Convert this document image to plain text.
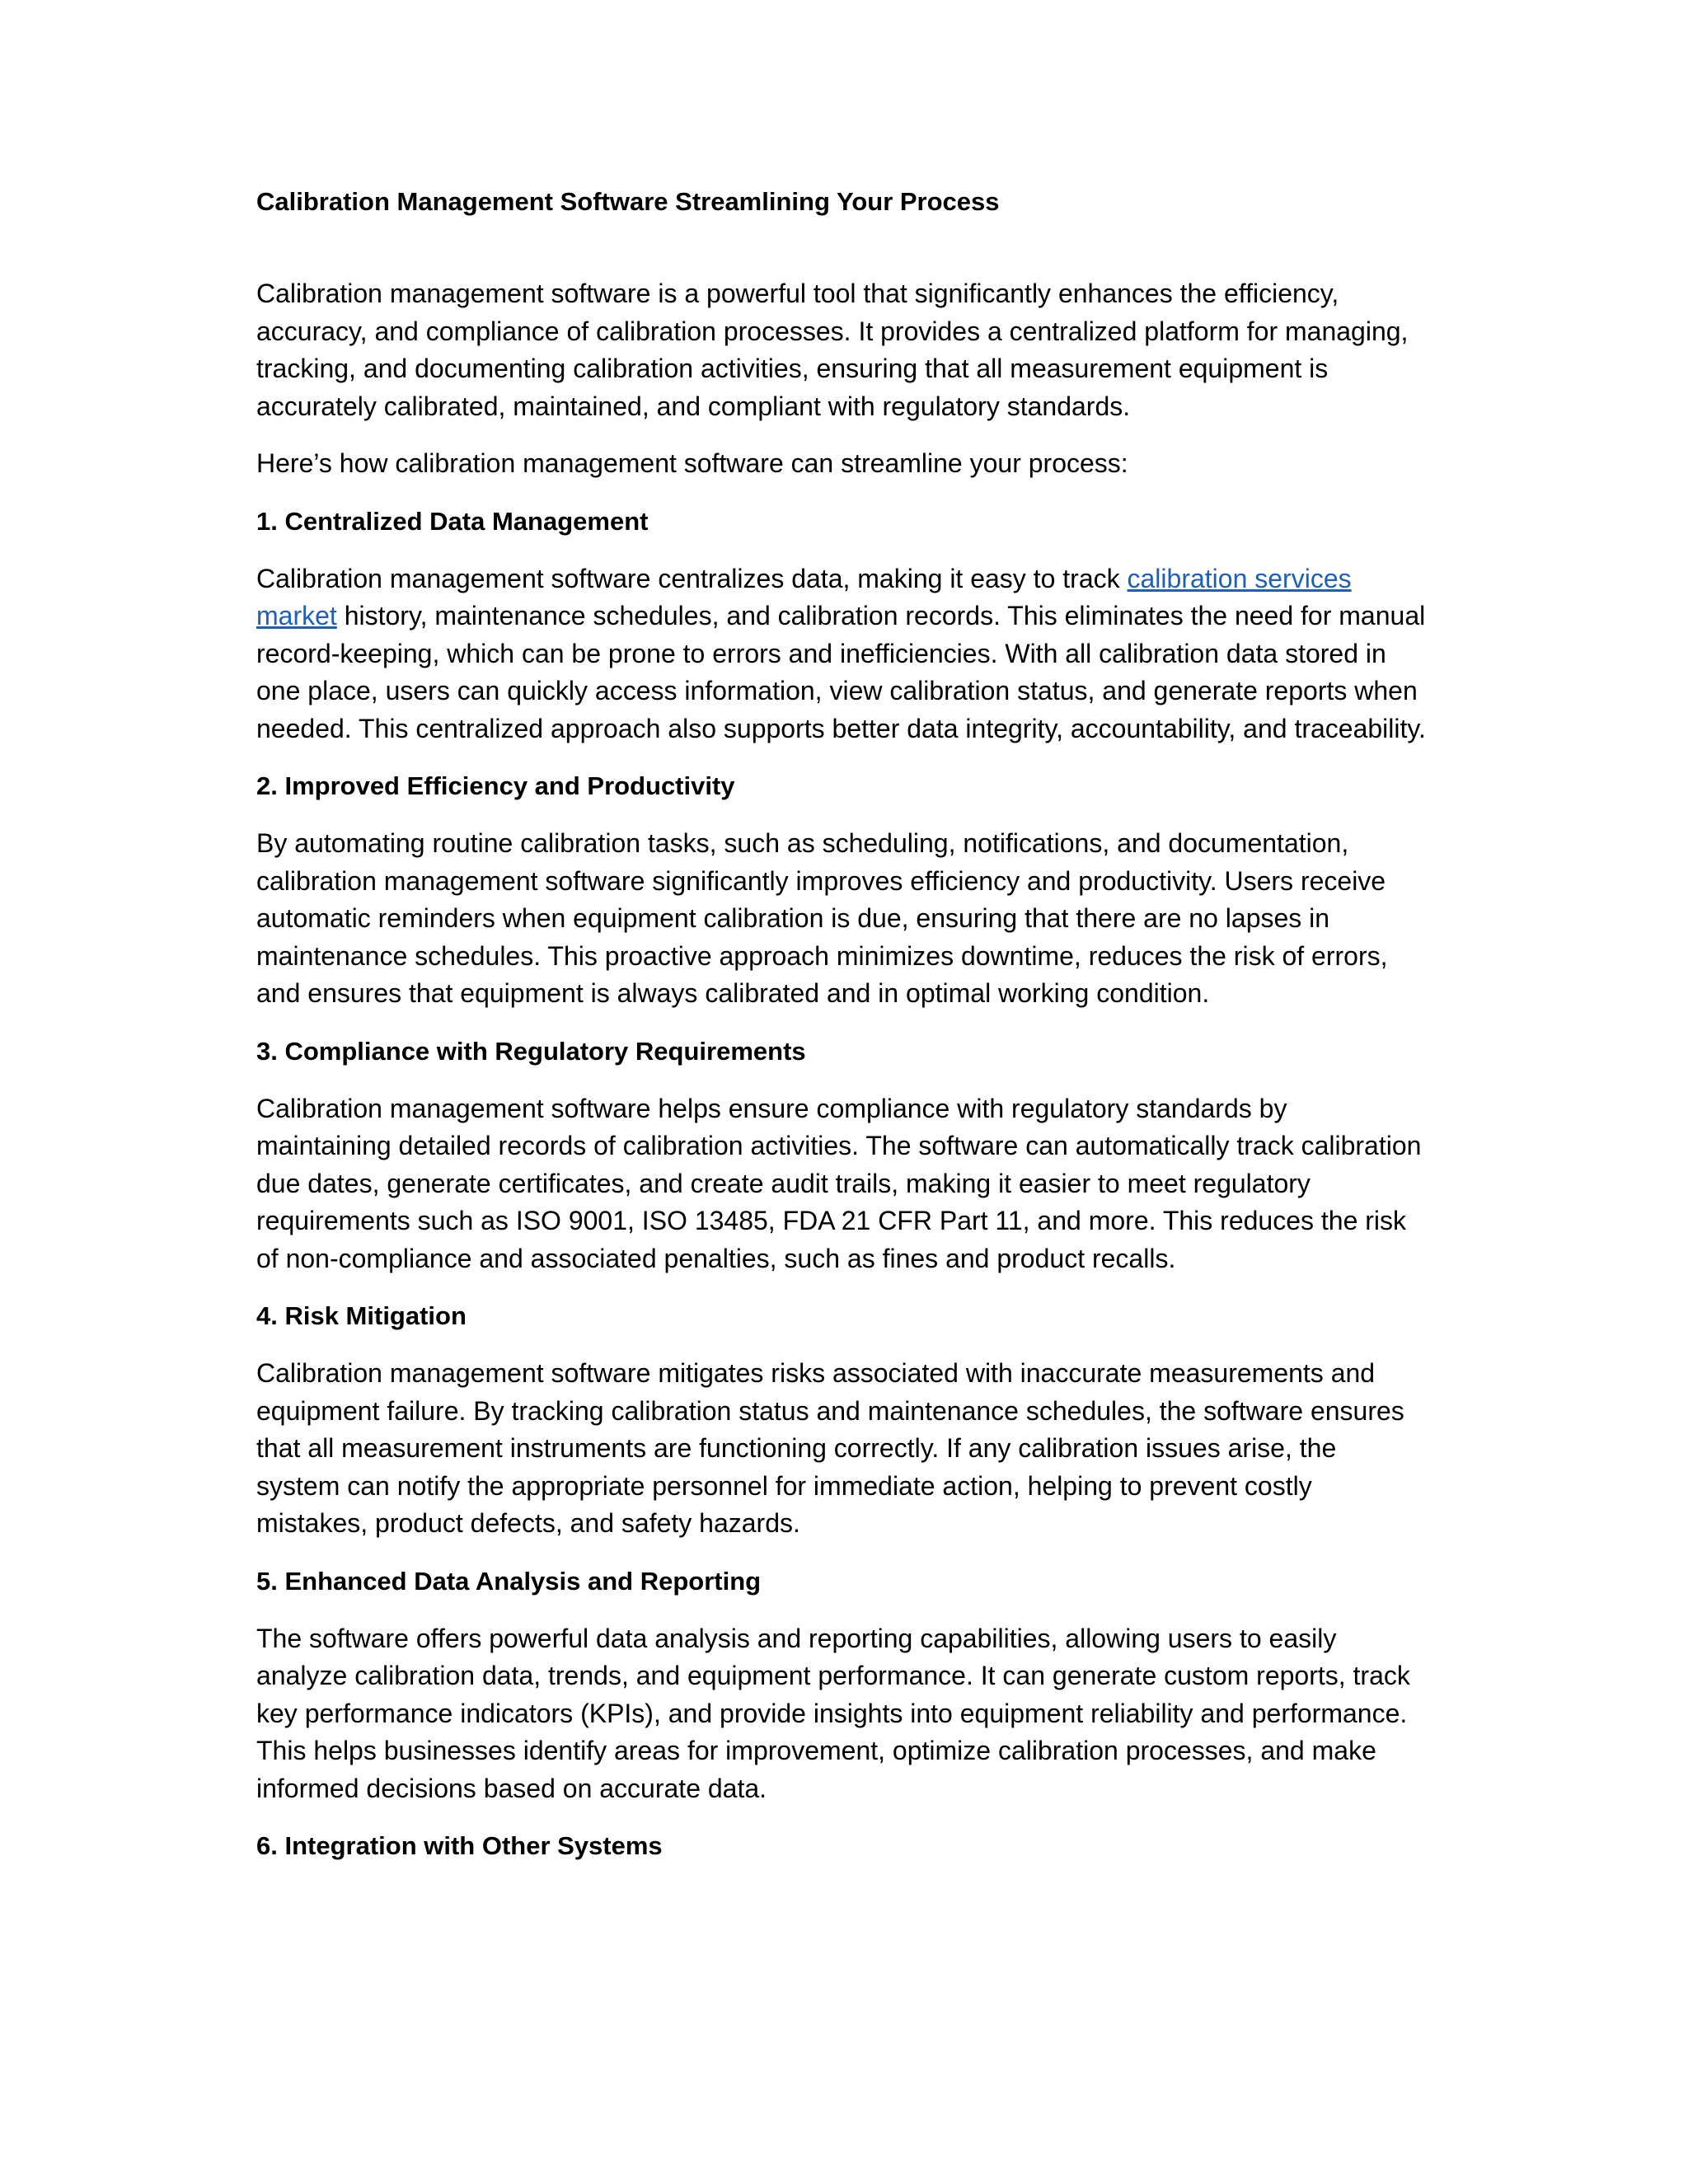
Calibration Management Software Streamlining Your Process

Calibration management software is a powerful tool that significantly enhances the efficiency, accuracy, and compliance of calibration processes. It provides a centralized platform for managing, tracking, and documenting calibration activities, ensuring that all measurement equipment is accurately calibrated, maintained, and compliant with regulatory standards.

Here’s how calibration management software can streamline your process:

1. Centralized Data Management

Calibration management software centralizes data, making it easy to track calibration services market history, maintenance schedules, and calibration records. This eliminates the need for manual record-keeping, which can be prone to errors and inefficiencies. With all calibration data stored in one place, users can quickly access information, view calibration status, and generate reports when needed. This centralized approach also supports better data integrity, accountability, and traceability.

2. Improved Efficiency and Productivity

By automating routine calibration tasks, such as scheduling, notifications, and documentation, calibration management software significantly improves efficiency and productivity. Users receive automatic reminders when equipment calibration is due, ensuring that there are no lapses in maintenance schedules. This proactive approach minimizes downtime, reduces the risk of errors, and ensures that equipment is always calibrated and in optimal working condition.

3. Compliance with Regulatory Requirements

Calibration management software helps ensure compliance with regulatory standards by maintaining detailed records of calibration activities. The software can automatically track calibration due dates, generate certificates, and create audit trails, making it easier to meet regulatory requirements such as ISO 9001, ISO 13485, FDA 21 CFR Part 11, and more. This reduces the risk of non-compliance and associated penalties, such as fines and product recalls.

4. Risk Mitigation

Calibration management software mitigates risks associated with inaccurate measurements and equipment failure. By tracking calibration status and maintenance schedules, the software ensures that all measurement instruments are functioning correctly. If any calibration issues arise, the system can notify the appropriate personnel for immediate action, helping to prevent costly mistakes, product defects, and safety hazards.

5. Enhanced Data Analysis and Reporting

The software offers powerful data analysis and reporting capabilities, allowing users to easily analyze calibration data, trends, and equipment performance. It can generate custom reports, track key performance indicators (KPIs), and provide insights into equipment reliability and performance. This helps businesses identify areas for improvement, optimize calibration processes, and make informed decisions based on accurate data.

6. Integration with Other Systems
